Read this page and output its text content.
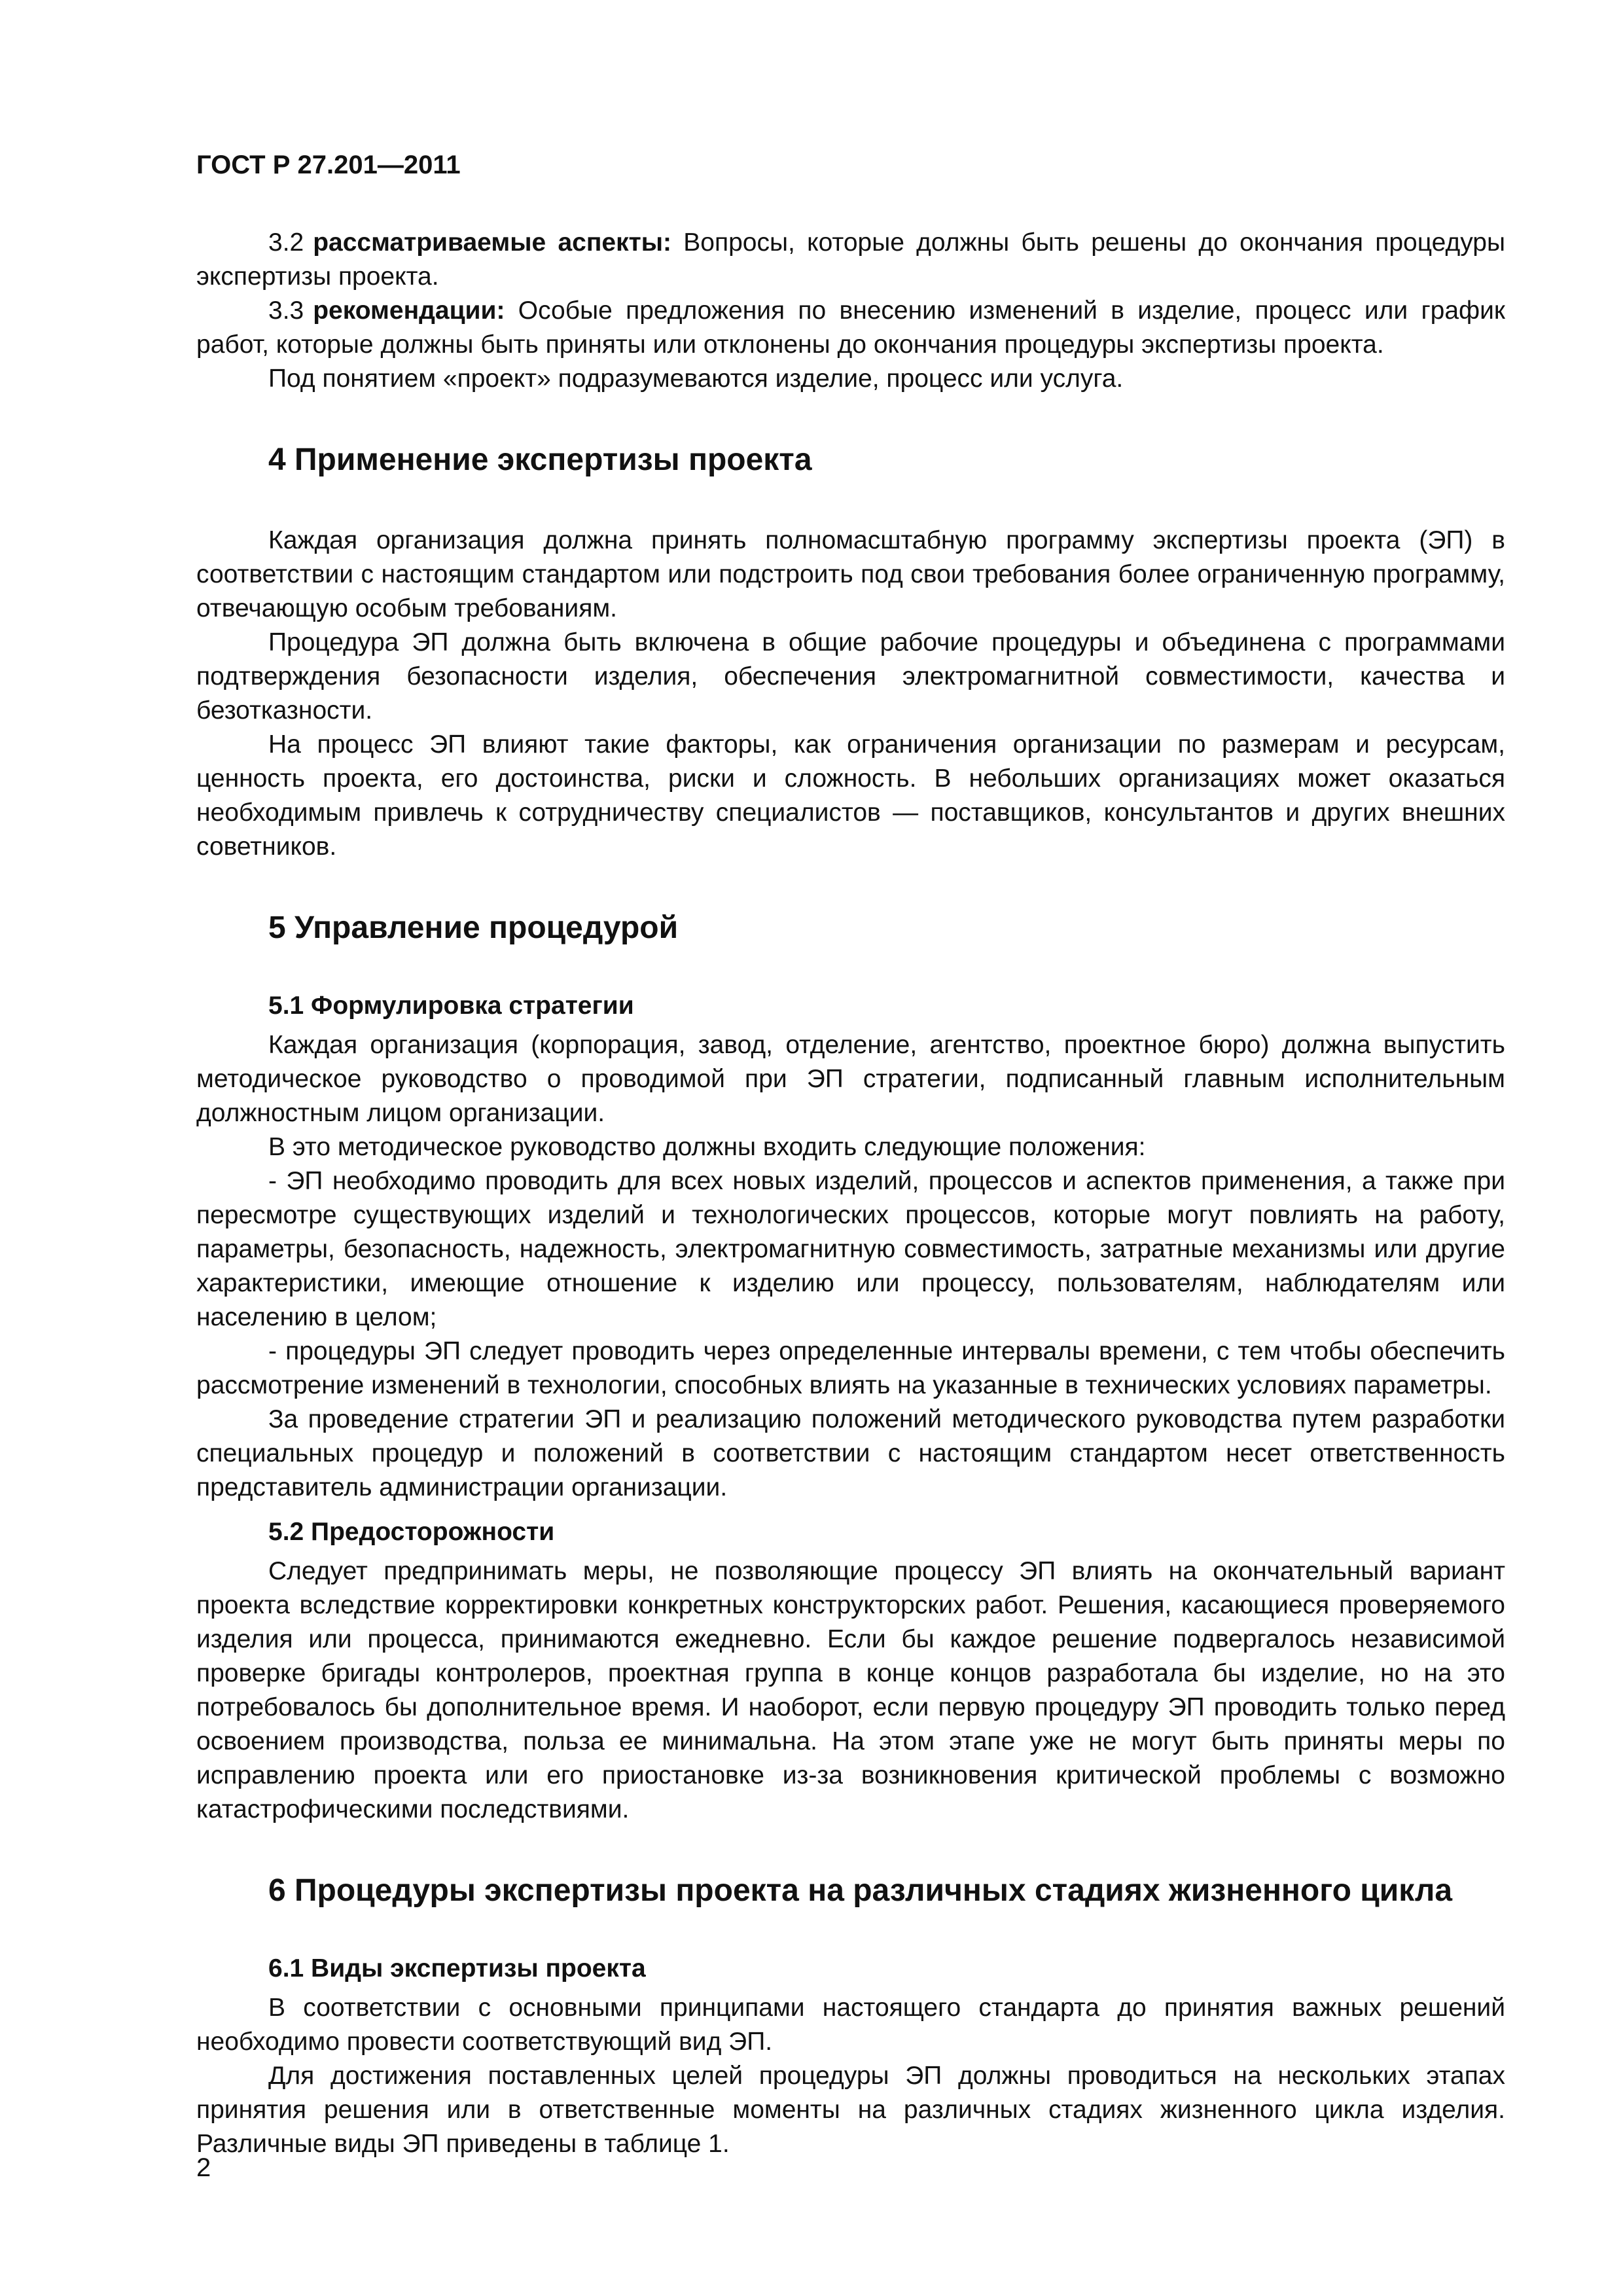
ГОСТ Р 27.201—2011

3.2 рассматриваемые аспекты: Вопросы, которые должны быть решены до окончания процедуры экспертизы проекта.

3.3 рекомендации: Особые предложения по внесению изменений в изделие, процесс или график работ, которые должны быть приняты или отклонены до окончания процедуры экспертизы проекта.

Под понятием «проект» подразумеваются изделие, процесс или услуга.

4 Применение экспертизы проекта

Каждая организация должна принять полномасштабную программу экспертизы проекта (ЭП) в соответствии с настоящим стандартом или подстроить под свои требования более ограниченную программу, отвечающую особым требованиям.

Процедура ЭП должна быть включена в общие рабочие процедуры и объединена с программами подтверждения безопасности изделия, обеспечения электромагнитной совместимости, качества и безотказности.

На процесс ЭП влияют такие факторы, как ограничения организации по размерам и ресурсам, ценность проекта, его достоинства, риски и сложность. В небольших организациях может оказаться необходимым привлечь к сотрудничеству специалистов — поставщиков, консультантов и других внешних советников.

5 Управление процедурой
5.1 Формулировка стратегии

Каждая организация (корпорация, завод, отделение, агентство, проектное бюро) должна выпустить методическое руководство о проводимой при ЭП стратегии, подписанный главным исполнительным должностным лицом организации.

В это методическое руководство должны входить следующие положения:

- ЭП необходимо проводить для всех новых изделий, процессов и аспектов применения, а также при пересмотре существующих изделий и технологических процессов, которые могут повлиять на работу, параметры, безопасность, надежность, электромагнитную совместимость, затратные механизмы или другие характеристики, имеющие отношение к изделию или процессу, пользователям, наблюдателям или населению в целом;

- процедуры ЭП следует проводить через определенные интервалы времени, с тем чтобы обеспечить рассмотрение изменений в технологии, способных влиять на указанные в технических условиях параметры.

За проведение стратегии ЭП и реализацию положений методического руководства путем разработки специальных процедур и положений в соответствии с настоящим стандартом несет ответственность представитель администрации организации.

5.2 Предосторожности

Следует предпринимать меры, не позволяющие процессу ЭП влиять на окончательный вариант проекта вследствие корректировки конкретных конструкторских работ. Решения, касающиеся проверяемого изделия или процесса, принимаются ежедневно. Если бы каждое решение подвергалось независимой проверке бригады контролеров, проектная группа в конце концов разработала бы изделие, но на это потребовалось бы дополнительное время. И наоборот, если первую процедуру ЭП проводить только перед освоением производства, польза ее минимальна. На этом этапе уже не могут быть приняты меры по исправлению проекта или его приостановке из-за возникновения критической проблемы с возможно катастрофическими последствиями.

6 Процедуры экспертизы проекта на различных стадиях жизненного цикла
6.1 Виды экспертизы проекта

В соответствии с основными принципами настоящего стандарта до принятия важных решений необходимо провести соответствующий вид ЭП.

Для достижения поставленных целей процедуры ЭП должны проводиться на нескольких этапах принятия решения или в ответственные моменты на различных стадиях жизненного цикла изделия. Различные виды ЭП приведены в таблице 1.

2
